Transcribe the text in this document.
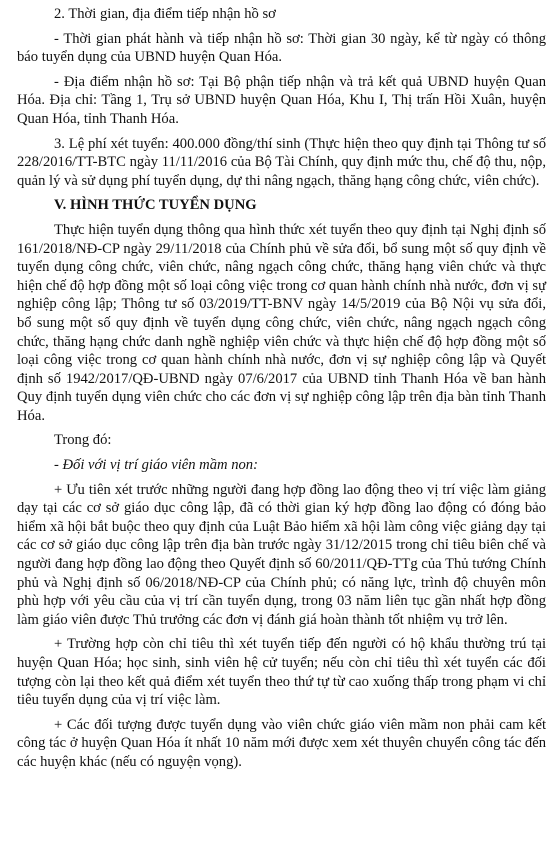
2. Thời gian, địa điểm tiếp nhận hồ sơ

- Thời gian phát hành và tiếp nhận hồ sơ: Thời gian 30 ngày, kể từ ngày có thông báo tuyển dụng của UBND huyện Quan Hóa.

- Địa điểm nhận hồ sơ: Tại Bộ phận tiếp nhận và trả kết quả UBND huyện Quan Hóa. Địa chỉ: Tầng 1, Trụ sở UBND huyện Quan Hóa, Khu I, Thị trấn Hồi Xuân, huyện Quan Hóa, tỉnh Thanh Hóa.

3. Lệ phí xét tuyển: 400.000 đồng/thí sinh (Thực hiện theo quy định tại Thông tư số 228/2016/TT-BTC ngày 11/11/2016 của Bộ Tài Chính, quy định mức thu, chế độ thu, nộp, quản lý và sử dụng phí tuyển dụng, dự thi nâng ngạch, thăng hạng công chức, viên chức).

V. HÌNH THỨC TUYỂN DỤNG

Thực hiện tuyển dụng thông qua hình thức xét tuyển theo quy định tại Nghị định số 161/2018/NĐ-CP ngày 29/11/2018 của Chính phủ về sửa đổi, bổ sung một số quy định về tuyển dụng công chức, viên chức, nâng ngạch công chức, thăng hạng viên chức và thực hiện chế độ hợp đồng một số loại công việc trong cơ quan hành chính nhà nước, đơn vị sự nghiệp công lập; Thông tư số 03/2019/TT-BNV ngày 14/5/2019 của Bộ Nội vụ sửa đổi, bổ sung một số quy định về tuyển dụng công chức, viên chức, nâng ngạch ngạch công chức, thăng hạng chức danh nghề nghiệp viên chức và thực hiện chế độ hợp đồng một số loại công việc trong cơ quan hành chính nhà nước, đơn vị sự nghiệp công lập và Quyết định số 1942/2017/QĐ-UBND ngày 07/6/2017 của UBND tỉnh Thanh Hóa về ban hành Quy định tuyển dụng viên chức cho các đơn vị sự nghiệp công lập trên địa bàn tỉnh Thanh Hóa.

Trong đó:

- Đối với vị trí giáo viên mầm non:

+ Ưu tiên xét trước những người đang hợp đồng lao động theo vị trí việc làm giảng dạy tại các cơ sở giáo dục công lập, đã có thời gian ký hợp đồng lao động có đóng bảo hiểm xã hội bắt buộc theo quy định của Luật Bảo hiểm xã hội làm công việc giảng dạy tại các cơ sở giáo dục công lập trên địa bàn trước ngày 31/12/2015 trong chỉ tiêu biên chế và người đang hợp đồng lao động theo Quyết định số 60/2011/QĐ-TTg của Thủ tướng Chính phủ và Nghị định số 06/2018/NĐ-CP của Chính phủ; có năng lực, trình độ chuyên môn phù hợp với yêu cầu của vị trí cần tuyển dụng, trong 03 năm liên tục gần nhất hợp đồng làm giáo viên được Thủ trưởng các đơn vị đánh giá hoàn thành tốt nhiệm vụ trở lên.

+ Trường hợp còn chỉ tiêu thì xét tuyển tiếp đến người có hộ khẩu thường trú tại huyện Quan Hóa; học sinh, sinh viên hệ cử tuyển; nếu còn chỉ tiêu thì xét tuyển các đối tượng còn lại theo kết quả điểm xét tuyển theo thứ tự từ cao xuống thấp trong phạm vi chỉ tiêu tuyển dụng của vị trí việc làm.

+ Các đối tượng được tuyển dụng vào viên chức giáo viên mầm non phải cam kết công tác ở huyện Quan Hóa ít nhất 10 năm mới được xem xét thuyên chuyển công tác đến các huyện khác (nếu có nguyện vọng).
